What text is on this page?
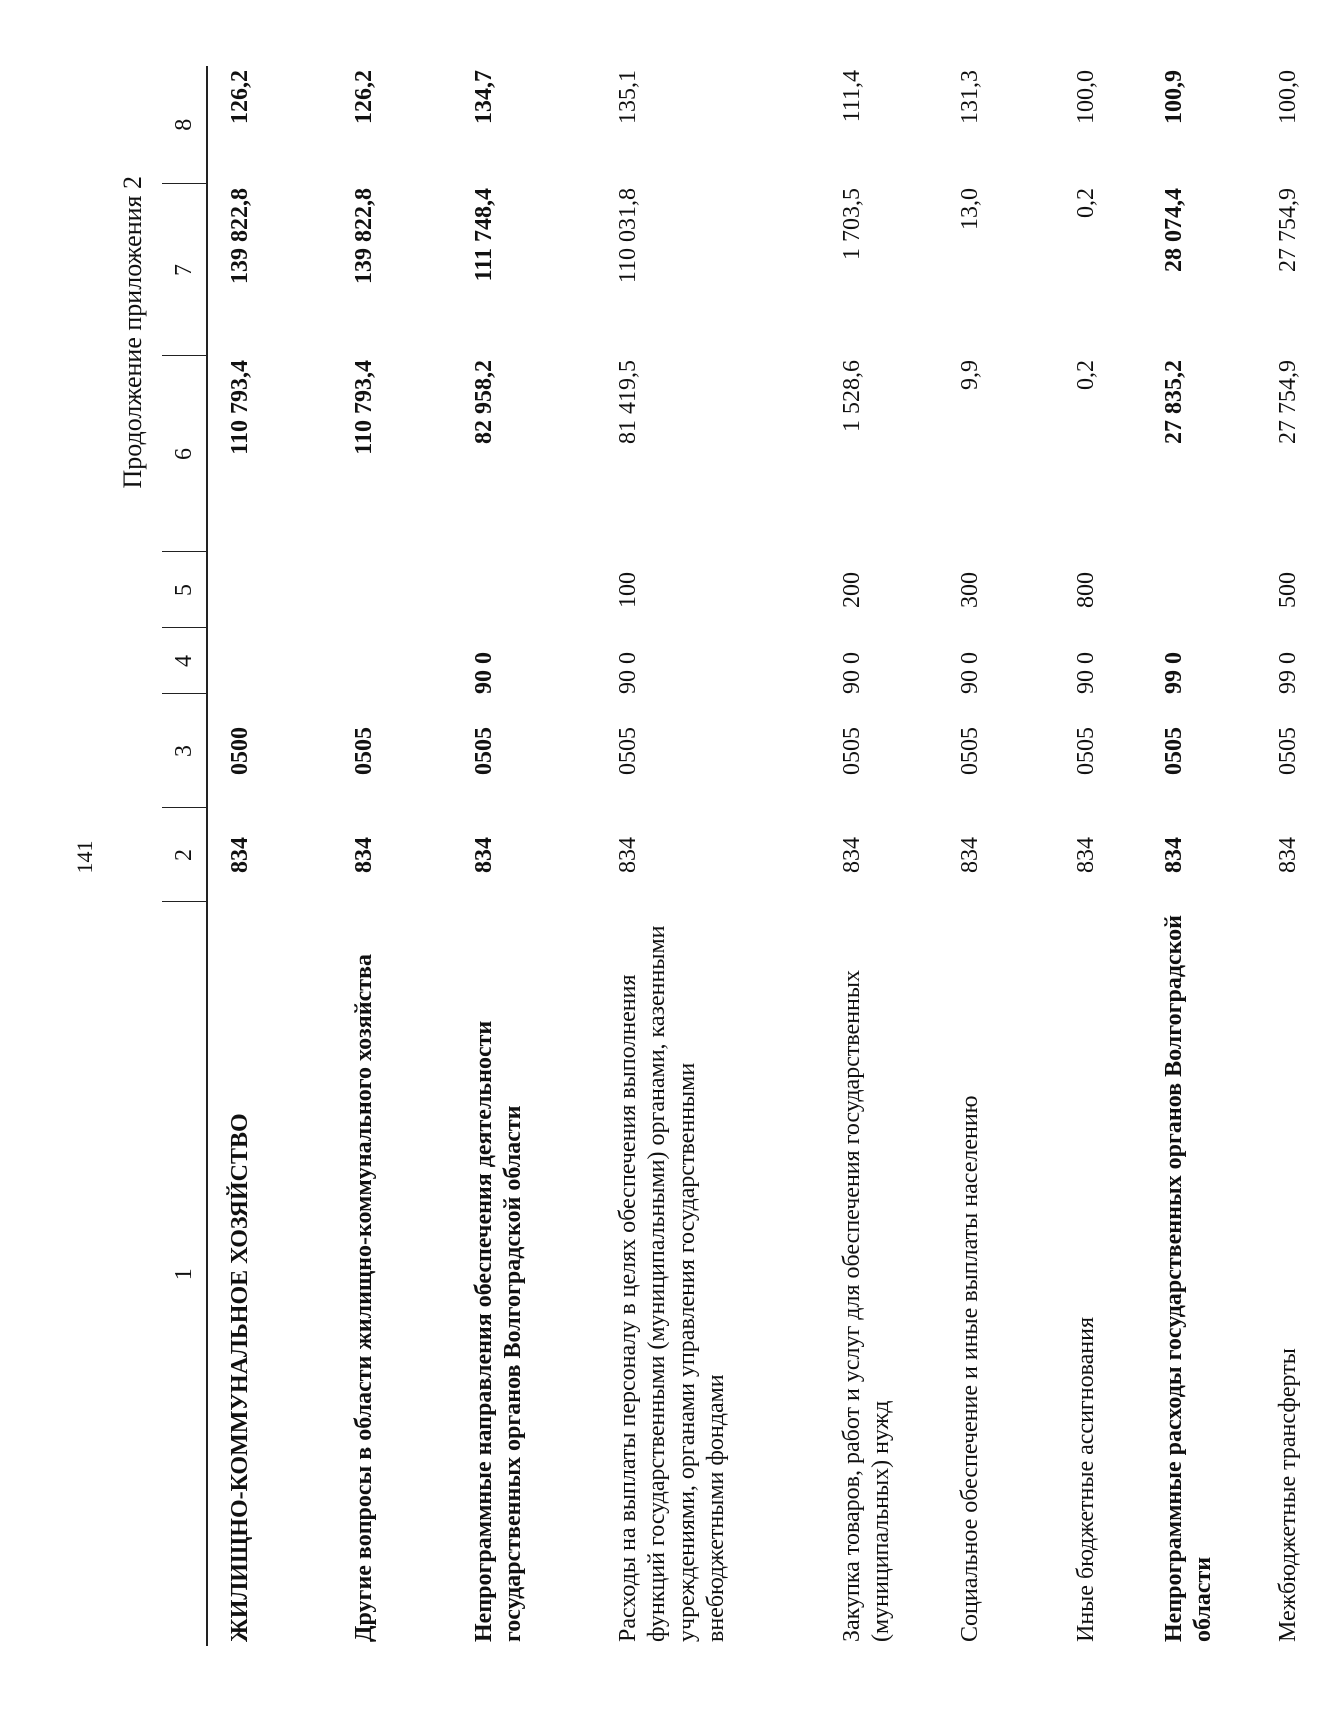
141
Продолжение приложения 2
1	2	3	4	5	6	7	8
ЖИЛИЩНО-КОММУНАЛЬНОЕ ХОЗЯЙСТВО	834	0500			110 793,4	139 822,8	126,2
Другие вопросы в области жилищно-коммунального хозяйства	834	0505			110 793,4	139 822,8	126,2
Непрограммные направления обеспечения деятельности государственных органов Волгоградской области	834	0505	90 0		82 958,2	111 748,4	134,7
Расходы на выплаты персоналу в целях обеспечения выполнения функций государственными (муниципальными) органами, казенными учреждениями, органами управления государственными внебюджетными фондами	834	0505	90 0	100	81 419,5	110 031,8	135,1
Закупка товаров, работ и услуг для обеспечения государственных (муниципальных) нужд	834	0505	90 0	200	1 528,6	1 703,5	111,4
Социальное обеспечение и иные выплаты населению	834	0505	90 0	300	9,9	13,0	131,3
Иные бюджетные ассигнования	834	0505	90 0	800	0,2	0,2	100,0
Непрограммные расходы государственных органов Волгоградской области	834	0505	99 0		27 835,2	28 074,4	100,9
Межбюджетные трансферты	834	0505	99 0	500	27 754,9	27 754,9	100,0
